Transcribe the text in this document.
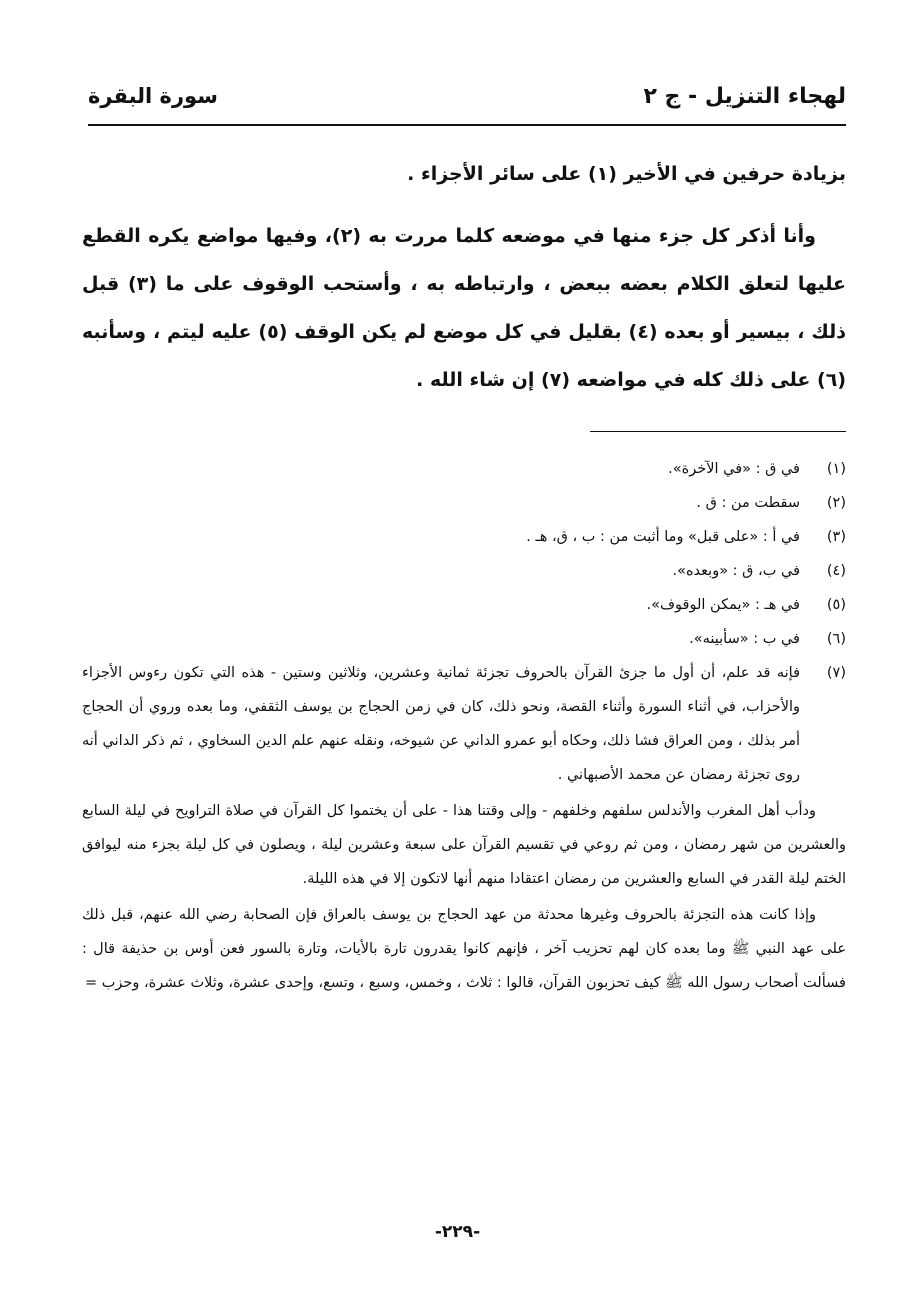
لهجاء التنزيل - ج ٢
سورة البقرة

بزيادة حرفين في الأخير (١) على سائر الأجزاء .

وأنا أذكر كل جزء منها في موضعه كلما مررت به (٢)، وفيها مواضع يكره القطع عليها لتعلق الكلام بعضه ببعض ، وارتباطه به ، وأستحب الوقوف على ما (٣) قبل ذلك ، بيسير أو بعده (٤) بقليل في كل موضع لم يكن الوقف (٥) عليه ليتم ، وسأنبه (٦) على ذلك كله في مواضعه (٧) إن شاء الله .

(١)
في ق : «في الآخرة».
(٢)
سقطت من : ق .
(٣)
في أ : «على قبل» وما أثبت من : ب ، ق، هـ .
(٤)
في ب، ق : «وبعده».
(٥)
في هـ : «يمكن الوقوف».
(٦)
في ب : «سأبينه».
(٧)
فإنه قد علم، أن أول ما جزئ القرآن بالحروف تجزئة ثمانية وعشرين، وثلاثين وستين - هذه التي تكون رءوس الأجزاء والأحزاب، في أثناء السورة وأثناء القصة، ونحو ذلك، كان في زمن الحجاج بن يوسف الثقفي، وما بعده وروي أن الحجاج أمر بذلك ، ومن العراق فشا ذلك، وحكاه أبو عمرو الداني عن شيوخه، ونقله عنهم علم الدين السخاوي ، ثم ذكر الداني أنه روى تجزئة رمضان عن محمد الأصبهاني .

ودأب أهل المغرب والأندلس سلفهم وخلفهم - وإلى وقتنا هذا - على أن يختموا كل القرآن في صلاة التراويح في ليلة السابع والعشرين من شهر رمضان ، ومن ثم روعي في تقسيم القرآن على سبعة وعشرين ليلة ، ويصلون في كل ليلة بجزء منه ليوافق الختم ليلة القدر في السابع والعشرين من رمضان اعتقادا منهم أنها لاتكون إلا في هذه الليلة.

وإذا كانت هذه التجزئة بالحروف وغيرها محدثة من عهد الحجاج بن يوسف بالعراق فإن الصحابة رضي الله عنهم، قبل ذلك على عهد النبي ﷺ وما بعده كان لهم تحزيب آخر ، فإنهم كانوا يقدرون تارة بالأيات، وتارة بالسور فعن أوس بن حذيفة قال : فسألت أصحاب رسول الله ﷺ كيف تحزبون القرآن، قالوا : ثلاث ، وخمس، وسبع ، وتسع، وإحدى عشرة، وثلاث عشرة، وحزب =

-٢٢٩-
